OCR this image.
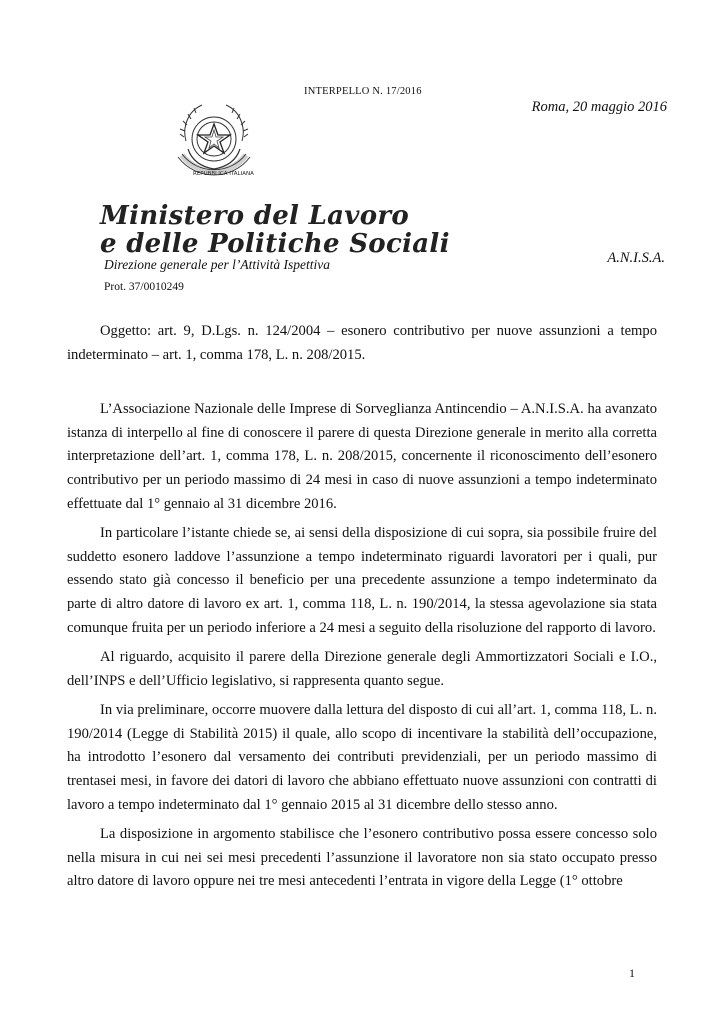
INTERPELLO N. 17/2016
Roma, 20 maggio 2016
REPUBBLICA ITALIANA
Ministero del Lavoro
e delle Politiche Sociali
Direzione generale per l’Attività Ispettiva	A.N.I.S.A.
Prot. 37/0010249

Oggetto: art. 9, D.Lgs. n. 124/2004 – esonero contributivo per nuove assunzioni a tempo indeterminato – art. 1, comma 178, L. n. 208/2015.

L’Associazione Nazionale delle Imprese di Sorveglianza Antincendio – A.N.I.S.A. ha avanzato istanza di interpello al fine di conoscere il parere di questa Direzione generale in merito alla corretta interpretazione dell’art. 1, comma 178, L. n. 208/2015, concernente il riconoscimento dell’esonero contributivo per un periodo massimo di 24 mesi in caso di nuove assunzioni a tempo indeterminato effettuate dal 1° gennaio al 31 dicembre 2016.

In particolare l’istante chiede se, ai sensi della disposizione di cui sopra, sia possibile fruire del suddetto esonero laddove l’assunzione a tempo indeterminato riguardi lavoratori per i quali, pur essendo stato già concesso il beneficio per una precedente assunzione a tempo indeterminato da parte di altro datore di lavoro ex art. 1, comma 118, L. n. 190/2014, la stessa agevolazione sia stata comunque fruita per un periodo inferiore a 24 mesi a seguito della risoluzione del rapporto di lavoro.

Al riguardo, acquisito il parere della Direzione generale degli Ammortizzatori Sociali e I.O., dell’INPS e dell’Ufficio legislativo, si rappresenta quanto segue.

In via preliminare, occorre muovere dalla lettura del disposto di cui all’art. 1, comma 118, L. n. 190/2014 (Legge di Stabilità 2015) il quale, allo scopo di incentivare la stabilità dell’occupazione, ha introdotto l’esonero dal versamento dei contributi previdenziali, per un periodo massimo di trentasei mesi, in favore dei datori di lavoro che abbiano effettuato nuove assunzioni con contratti di lavoro a tempo indeterminato dal 1° gennaio 2015 al 31 dicembre dello stesso anno.

La disposizione in argomento stabilisce che l’esonero contributivo possa essere concesso solo nella misura in cui nei sei mesi precedenti l’assunzione il lavoratore non sia stato occupato presso altro datore di lavoro oppure nei tre mesi antecedenti l’entrata in vigore della Legge (1° ottobre

1
